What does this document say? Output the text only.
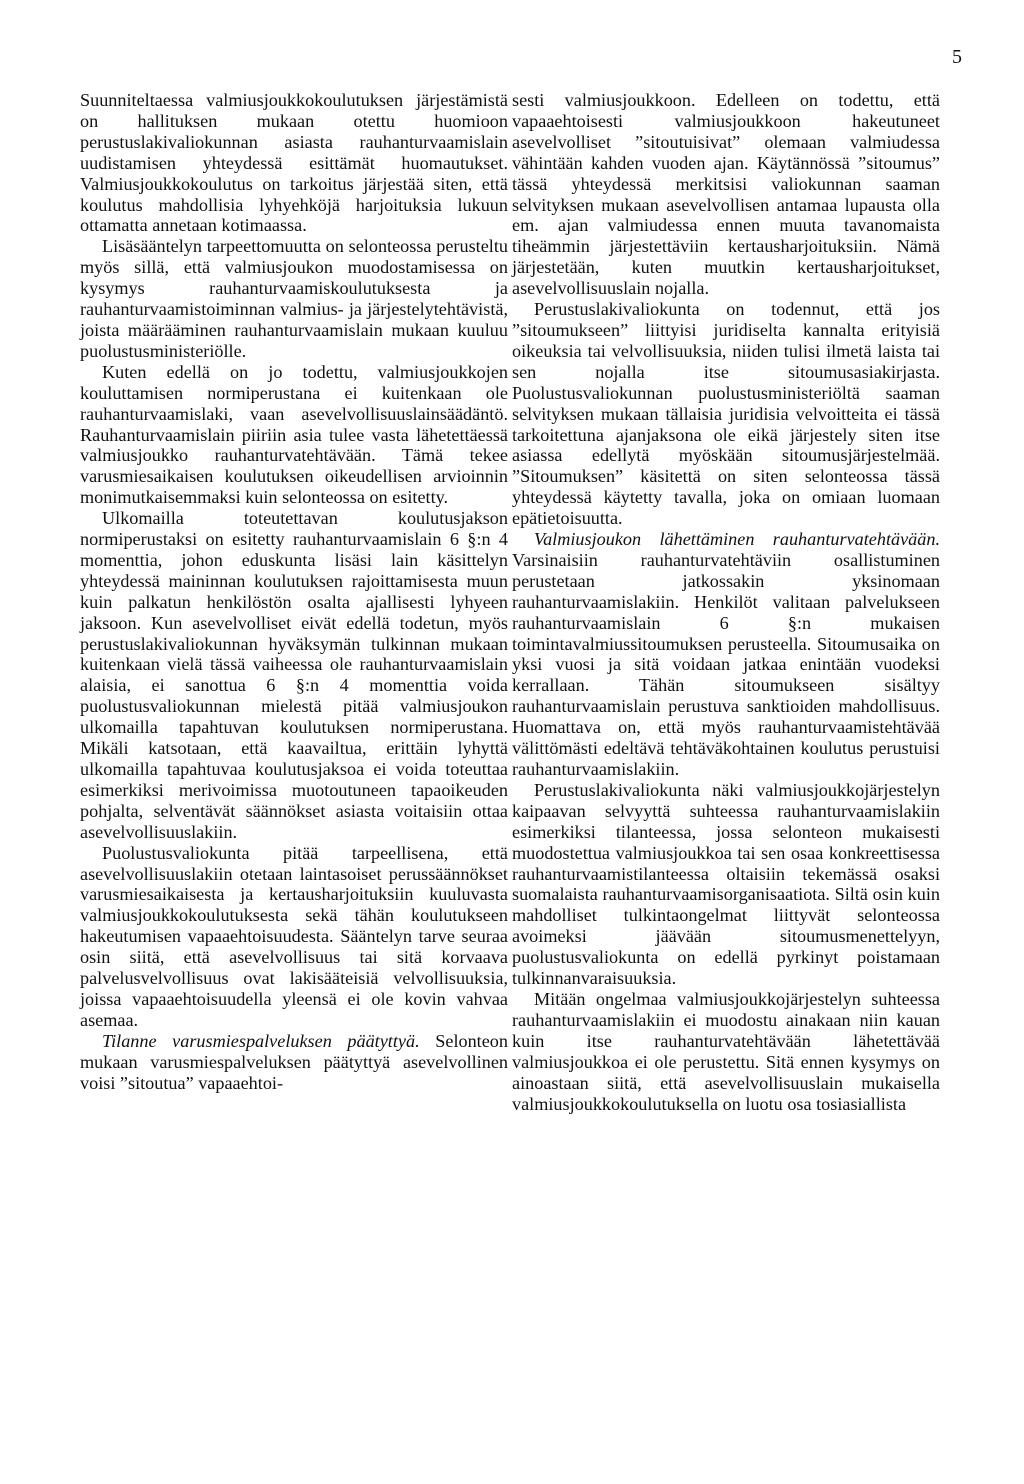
5

Suunniteltaessa valmiusjoukkokoulutuksen järjestämistä on hallituksen mukaan otettu huomioon perustuslakivaliokunnan asiasta rauhanturvaamislain uudistamisen yhteydessä esittämät huomautukset. Valmiusjoukkokoulutus on tarkoitus järjestää siten, että koulutus mahdollisia lyhyehköjä harjoituksia lukuun ottamatta annetaan kotimaassa.

Lisäsääntelyn tarpeettomuutta on selonteossa perusteltu myös sillä, että valmiusjoukon muodostamisessa on kysymys rauhanturvaamiskoulutuksesta ja rauhanturvaamistoiminnan valmius- ja järjestelytehtävistä, joista määrääminen rauhanturvaamislain mukaan kuuluu puolustusministeriölle.

Kuten edellä on jo todettu, valmiusjoukkojen kouluttamisen normiperustana ei kuitenkaan ole rauhanturvaamislaki, vaan asevelvollisuuslainsäädäntö. Rauhanturvaamislain piiriin asia tulee vasta lähetettäessä valmiusjoukko rauhanturvatehtävään. Tämä tekee varusmiesaikaisen koulutuksen oikeudellisen arvioinnin monimutkaisemmaksi kuin selonteossa on esitetty.

Ulkomailla toteutettavan koulutusjakson normiperustaksi on esitetty rauhanturvaamislain 6 §:n 4 momenttia, johon eduskunta lisäsi lain käsittelyn yhteydessä maininnan koulutuksen rajoittamisesta muun kuin palkatun henkilöstön osalta ajallisesti lyhyeen jaksoon. Kun asevelvolliset eivät edellä todetun, myös perustuslakivaliokunnan hyväksymän tulkinnan mukaan kuitenkaan vielä tässä vaiheessa ole rauhanturvaamislain alaisia, ei sanottua 6 §:n 4 momenttia voida puolustusvaliokunnan mielestä pitää valmiusjoukon ulkomailla tapahtuvan koulutuksen normiperustana. Mikäli katsotaan, että kaavailtua, erittäin lyhyttä ulkomailla tapahtuvaa koulutusjaksoa ei voida toteuttaa esimerkiksi merivoimissa muotoutuneen tapaoikeuden pohjalta, selventävät säännökset asiasta voitaisiin ottaa asevelvollisuuslakiin.

Puolustusvaliokunta pitää tarpeellisena, että asevelvollisuuslakiin otetaan laintasoiset perussäännökset varusmiesaikaisesta ja kertausharjoituksiin kuuluvasta valmiusjoukkokoulutuksesta sekä tähän koulutukseen hakeutumisen vapaaehtoisuudesta. Sääntelyn tarve seuraa osin siitä, että asevelvollisuus tai sitä korvaava palvelusvelvollisuus ovat lakisääteisiä velvollisuuksia, joissa vapaaehtoisuudella yleensä ei ole kovin vahvaa asemaa.

Tilanne varusmiespalveluksen päätyttyä. Selonteon mukaan varusmiespalveluksen päätyttyä asevelvollinen voisi ”sitoutua” vapaaehtoi-

sesti valmiusjoukkoon. Edelleen on todettu, että vapaaehtoisesti valmiusjoukkoon hakeutuneet asevelvolliset ”sitoutuisivat” olemaan valmiudessa vähintään kahden vuoden ajan. Käytännössä ”sitoumus” tässä yhteydessä merkitsisi valiokunnan saaman selvityksen mukaan asevelvollisen antamaa lupausta olla em. ajan valmiudessa ennen muuta tavanomaista tiheämmin järjestettäviin kertausharjoituksiin. Nämä järjestetään, kuten muutkin kertausharjoitukset, asevelvollisuuslain nojalla.

Perustuslakivaliokunta on todennut, että jos ”sitoumukseen” liittyisi juridiselta kannalta erityisiä oikeuksia tai velvollisuuksia, niiden tulisi ilmetä laista tai sen nojalla itse sitoumusasiakirjasta. Puolustusvaliokunnan puolustusministeriöltä saaman selvityksen mukaan tällaisia juridisia velvoitteita ei tässä tarkoitettuna ajanjaksona ole eikä järjestely siten itse asiassa edellytä myöskään sitoumusjärjestelmää. ”Sitoumuksen” käsitettä on siten selonteossa tässä yhteydessä käytetty tavalla, joka on omiaan luomaan epätietoisuutta.

Valmiusjoukon lähettäminen rauhanturvatehtävään. Varsinaisiin rauhanturvatehtäviin osallistuminen perustetaan jatkossakin yksinomaan rauhanturvaamislakiin. Henkilöt valitaan palvelukseen rauhanturvaamislain 6 §:n mukaisen toimintavalmiussitoumuksen perusteella. Sitoumusaika on yksi vuosi ja sitä voidaan jatkaa enintään vuodeksi kerrallaan. Tähän sitoumukseen sisältyy rauhanturvaamislain perustuva sanktioiden mahdollisuus. Huomattava on, että myös rauhanturvaamistehtävää välittömästi edeltävä tehtäväkohtainen koulutus perustuisi rauhanturvaamislakiin.

Perustuslakivaliokunta näki valmiusjoukkojärjestelyn kaipaavan selvyyttä suhteessa rauhanturvaamislakiin esimerkiksi tilanteessa, jossa selonteon mukaisesti muodostettua valmiusjoukkoa tai sen osaa konkreettisessa rauhanturvaamistilanteessa oltaisiin tekemässä osaksi suomalaista rauhanturvaamisorganisaatiota. Siltä osin kuin mahdolliset tulkintaongelmat liittyvät selonteossa avoimeksi jäävään sitoumusmenettelyyn, puolustusvaliokunta on edellä pyrkinyt poistamaan tulkinnanvaraisuuksia.

Mitään ongelmaa valmiusjoukkojärjestelyn suhteessa rauhanturvaamislakiin ei muodostu ainakaan niin kauan kuin itse rauhanturvatehtävään lähetettävää valmiusjoukkoa ei ole perustettu. Sitä ennen kysymys on ainoastaan siitä, että asevelvollisuuslain mukaisella valmiusjoukkokoulutuksella on luotu osa tosiasiallista
